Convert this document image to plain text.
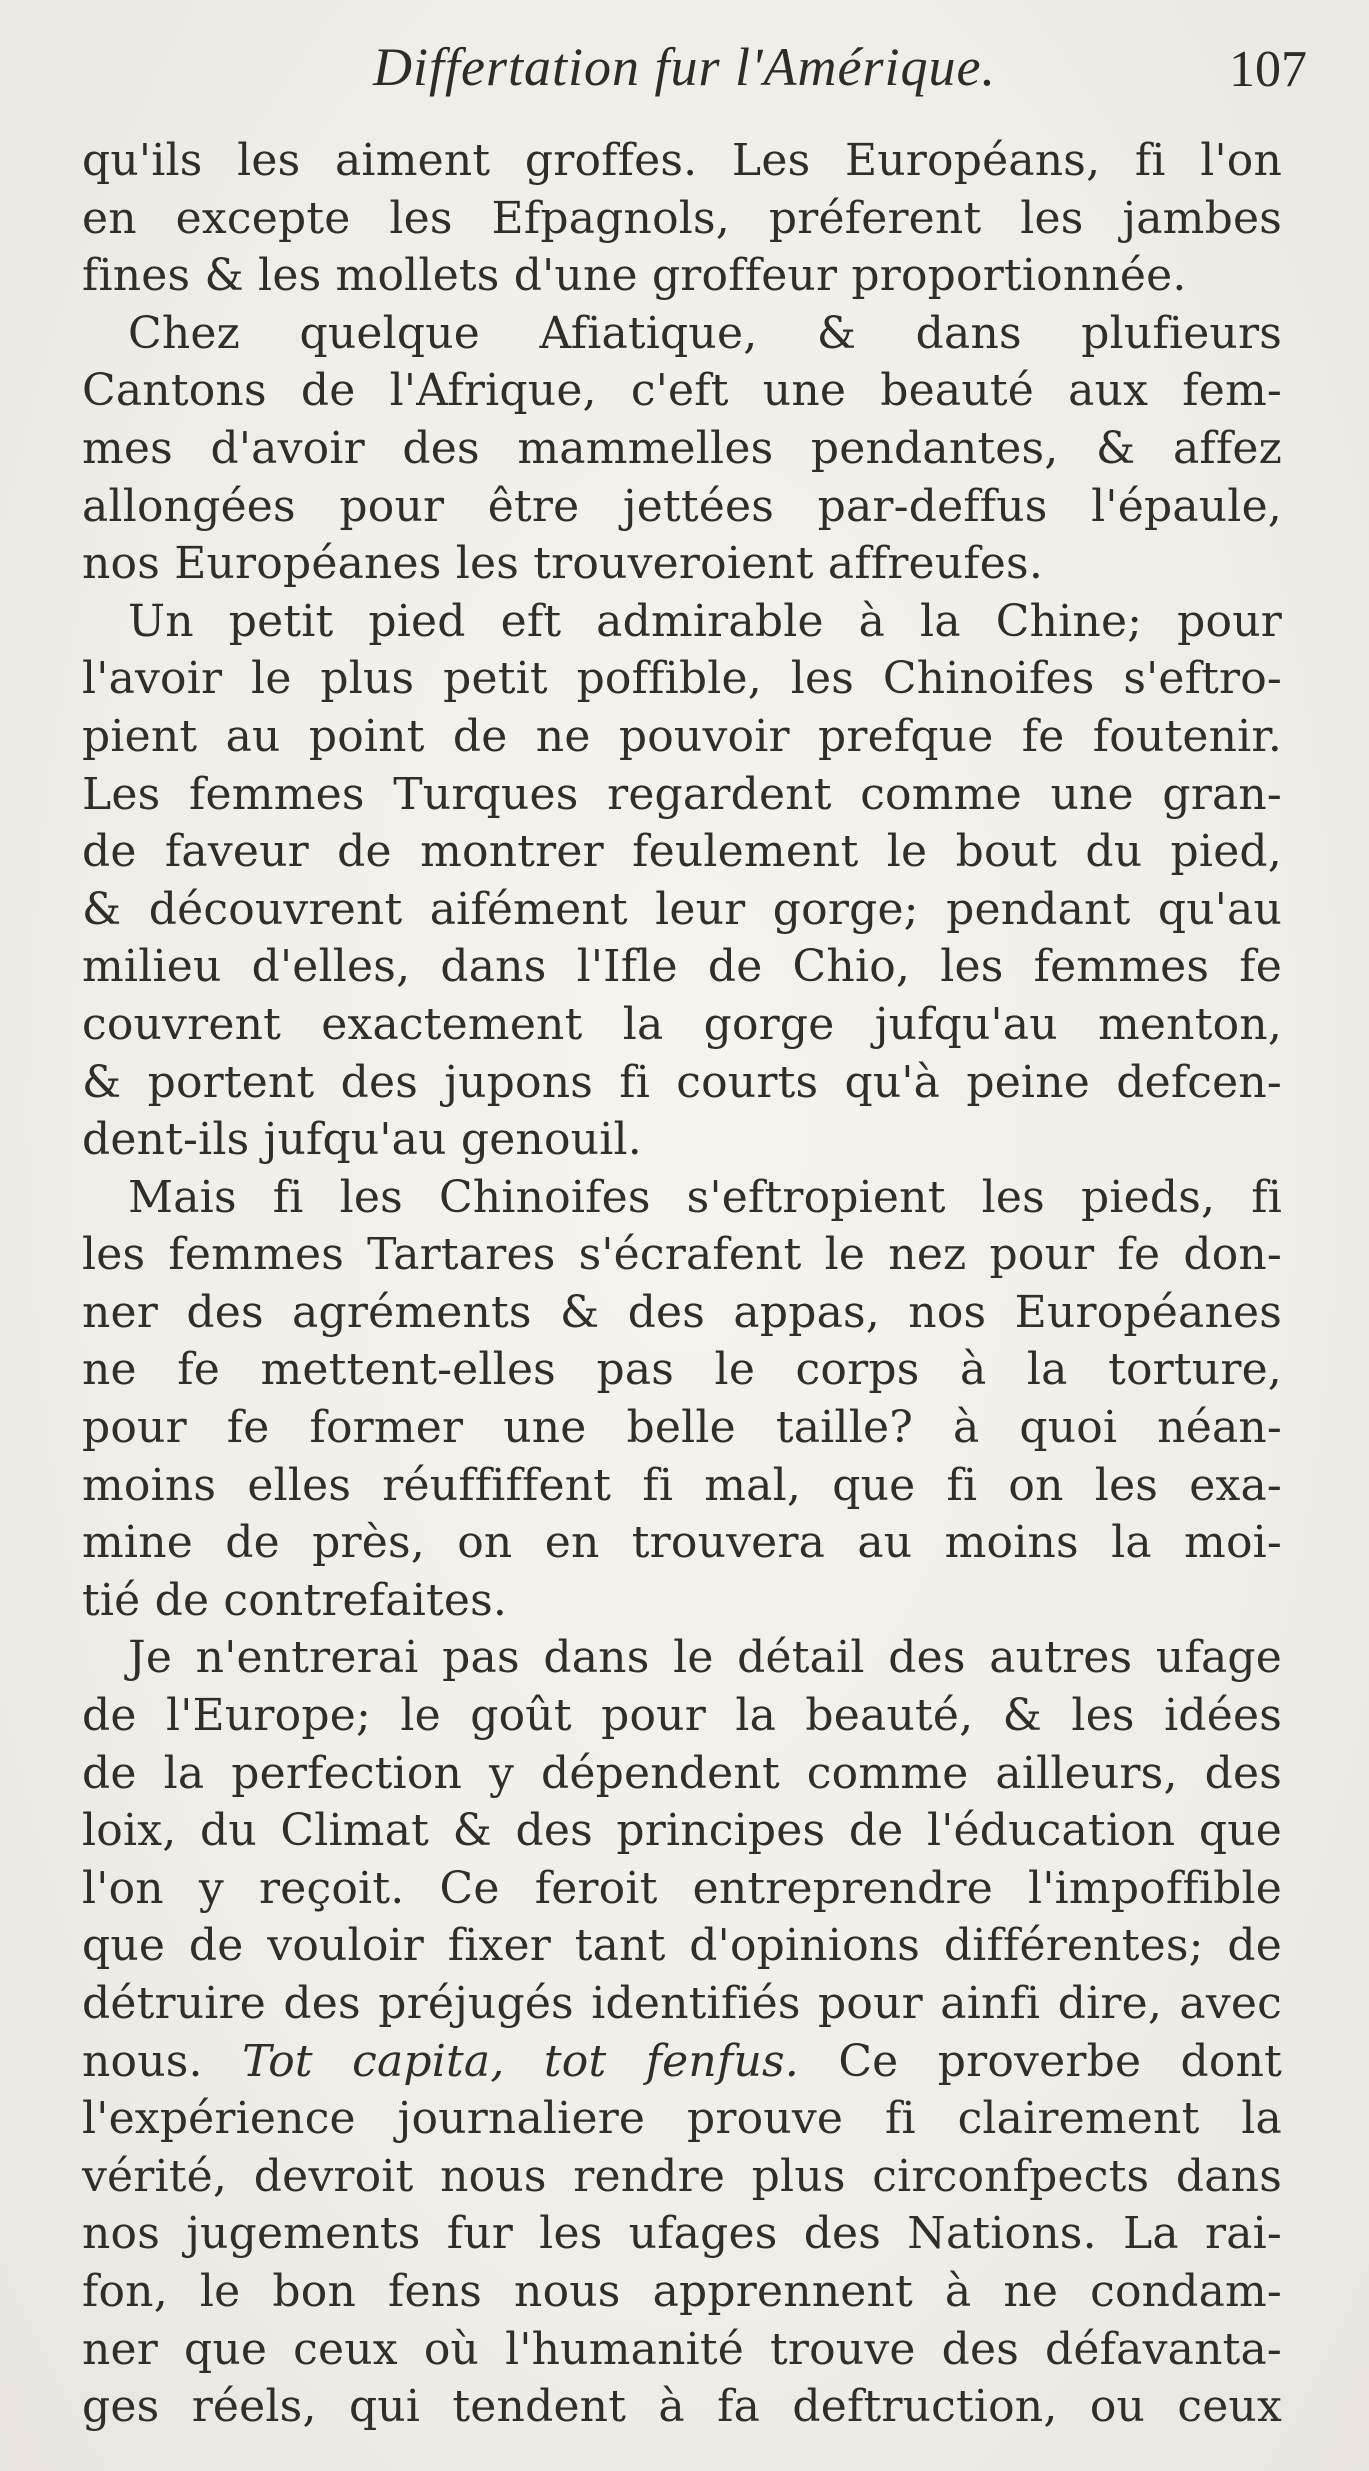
Differtation fur l'Amérique.	107
qu'ils les aiment groffes. Les Européans, fi l'on
en excepte les Efpagnols, préferent les jambes
fines & les mollets d'une groffeur proportionnée.
Chez quelque Afiatique, & dans plufieurs
Cantons de l'Afrique, c'eft une beauté aux fem-
mes d'avoir des mammelles pendantes, & affez
allongées pour être jettées par-deffus l'épaule,
nos Européanes les trouveroient affreufes.
Un petit pied eft admirable à la Chine; pour
l'avoir le plus petit poffible, les Chinoifes s'eftro-
pient au point de ne pouvoir prefque fe foutenir.
Les femmes Turques regardent comme une gran-
de faveur de montrer feulement le bout du pied,
& découvrent aifément leur gorge; pendant qu'au
milieu d'elles, dans l'Ifle de Chio, les femmes fe
couvrent exactement la gorge jufqu'au menton,
& portent des jupons fi courts qu'à peine defcen-
dent-ils jufqu'au genouil.
Mais fi les Chinoifes s'eftropient les pieds, fi
les femmes Tartares s'écrafent le nez pour fe don-
ner des agréments & des appas, nos Européanes
ne fe mettent-elles pas le corps à la torture,
pour fe former une belle taille? à quoi néan-
moins elles réuffiffent fi mal, que fi on les exa-
mine de près, on en trouvera au moins la moi-
tié de contrefaites.
Je n'entrerai pas dans le détail des autres ufage
de l'Europe; le goût pour la beauté, & les idées
de la perfection y dépendent comme ailleurs, des
loix, du Climat & des principes de l'éducation que
l'on y reçoit. Ce feroit entreprendre l'impoffible
que de vouloir fixer tant d'opinions différentes; de
détruire des préjugés identifiés pour ainfi dire, avec
nous. Tot capita, tot fenfus. Ce proverbe dont
l'expérience journaliere prouve fi clairement la
vérité, devroit nous rendre plus circonfpects dans
nos jugements fur les ufages des Nations. La rai-
fon, le bon fens nous apprennent à ne condam-
ner que ceux où l'humanité trouve des défavanta-
ges réels, qui tendent à fa deftruction, ou ceux
